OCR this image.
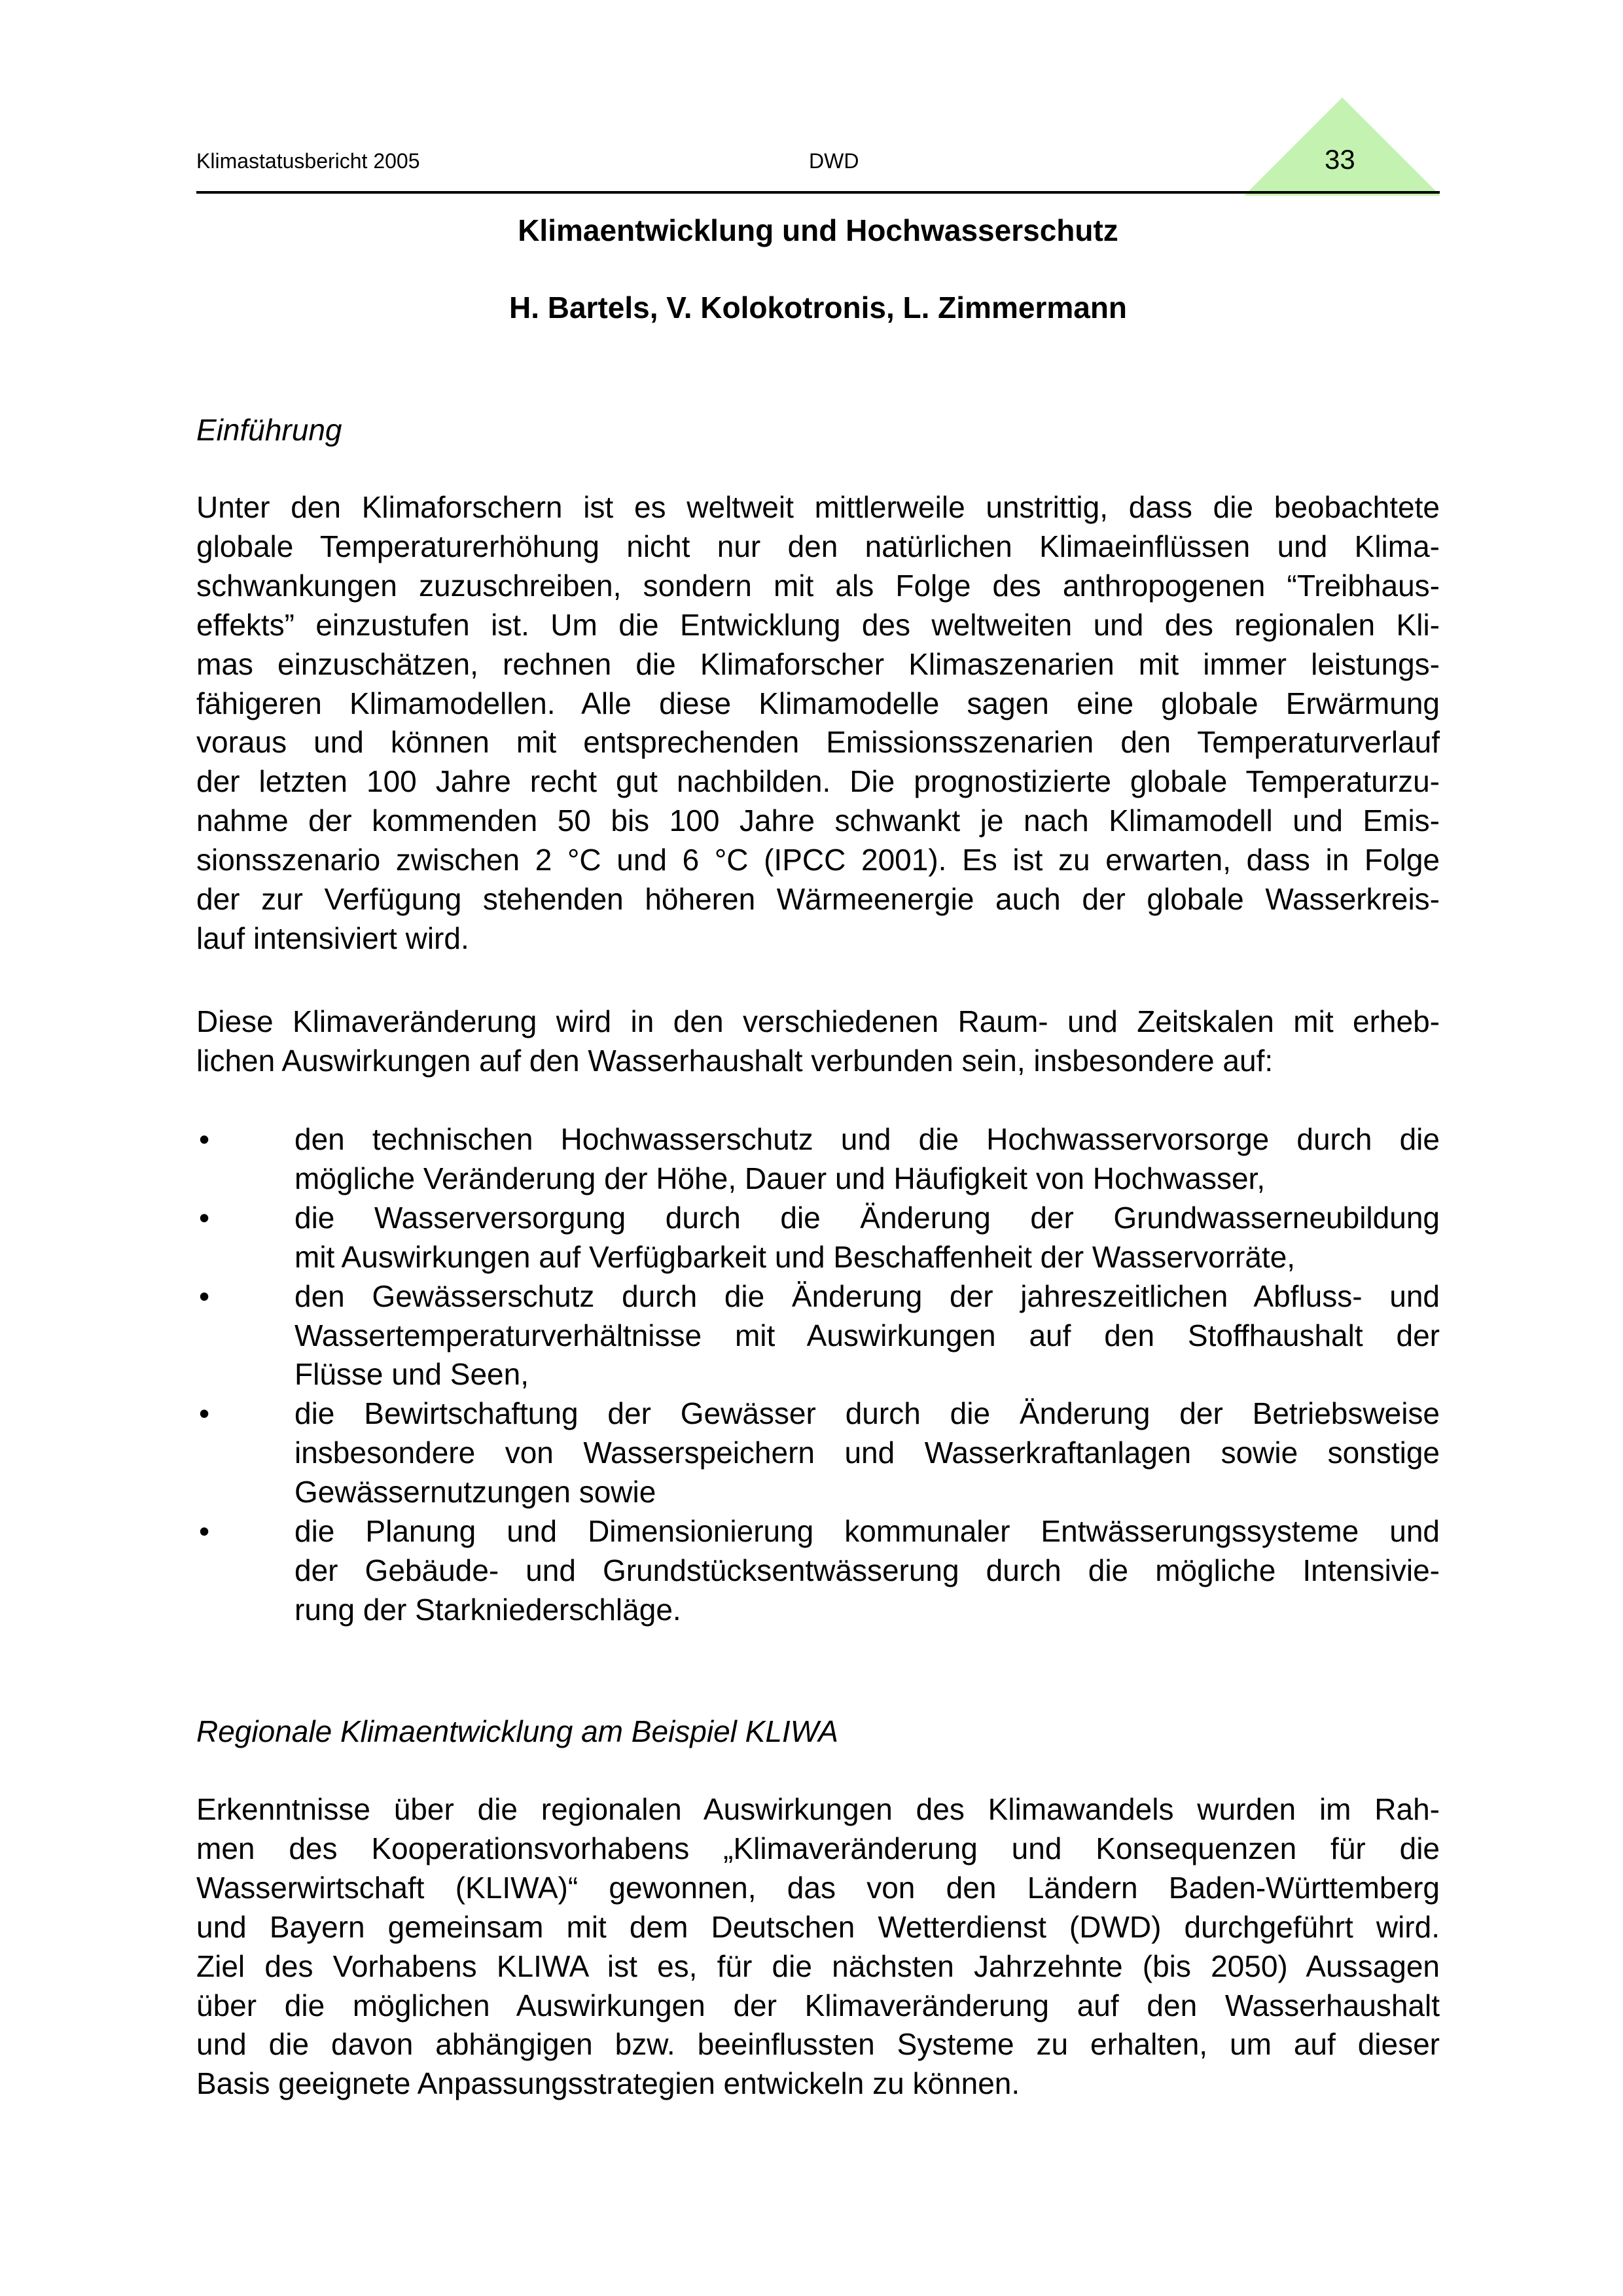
Klimastatusbericht 2005	DWD	33
Klimaentwicklung und Hochwasserschutz
H. Bartels, V. Kolokotronis, L. Zimmermann
Einführung
Unter den Klimaforschern ist es weltweit mittlerweile unstrittig, dass die beobachtete
globale Temperaturerhöhung nicht nur den natürlichen Klimaeinflüssen und Klima-
schwankungen zuzuschreiben, sondern mit als Folge des anthropogenen “Treibhaus-
effekts” einzustufen ist. Um die Entwicklung des weltweiten und des regionalen Kli-
mas einzuschätzen, rechnen die Klimaforscher Klimaszenarien mit immer leistungs-
fähigeren Klimamodellen. Alle diese Klimamodelle sagen eine globale Erwärmung
voraus und können mit entsprechenden Emissionsszenarien den Temperaturverlauf
der letzten 100 Jahre recht gut nachbilden. Die prognostizierte globale Temperaturzu-
nahme der kommenden 50 bis 100 Jahre schwankt je nach Klimamodell und Emis-
sionsszenario zwischen 2 °C und 6 °C (IPCC 2001). Es ist zu erwarten, dass in Folge
der zur Verfügung stehenden höheren Wärmeenergie auch der globale Wasserkreis-
lauf intensiviert wird.
Diese Klimaveränderung wird in den verschiedenen Raum- und Zeitskalen mit erheb-
lichen Auswirkungen auf den Wasserhaushalt verbunden sein, insbesondere auf:
•	den technischen Hochwasserschutz und die Hochwasservorsorge durch die
mögliche Veränderung der Höhe, Dauer und Häufigkeit von Hochwasser,
•	die Wasserversorgung durch die Änderung der Grundwasserneubildung
mit Auswirkungen auf Verfügbarkeit und Beschaffenheit der Wasservorräte,
•	den Gewässerschutz durch die Änderung der jahreszeitlichen Abfluss- und
Wassertemperaturverhältnisse mit Auswirkungen auf den Stoffhaushalt der
Flüsse und Seen,
•	die Bewirtschaftung der Gewässer durch die Änderung der Betriebsweise
insbesondere von Wasserspeichern und Wasserkraftanlagen sowie sonstige
Gewässernutzungen sowie
•	die Planung und Dimensionierung kommunaler Entwässerungssysteme und
der Gebäude- und Grundstücksentwässerung durch die mögliche Intensivie-
rung der Starkniederschläge.
Regionale Klimaentwicklung am Beispiel KLIWA
Erkenntnisse über die regionalen Auswirkungen des Klimawandels wurden im Rah-
men des Kooperationsvorhabens „Klimaveränderung und Konsequenzen für die
Wasserwirtschaft (KLIWA)“ gewonnen, das von den Ländern Baden-Württemberg
und Bayern gemeinsam mit dem Deutschen Wetterdienst (DWD) durchgeführt wird.
Ziel des Vorhabens KLIWA ist es, für die nächsten Jahrzehnte (bis 2050) Aussagen
über die möglichen Auswirkungen der Klimaveränderung auf den Wasserhaushalt
und die davon abhängigen bzw. beeinflussten Systeme zu erhalten, um auf dieser
Basis geeignete Anpassungsstrategien entwickeln zu können.
